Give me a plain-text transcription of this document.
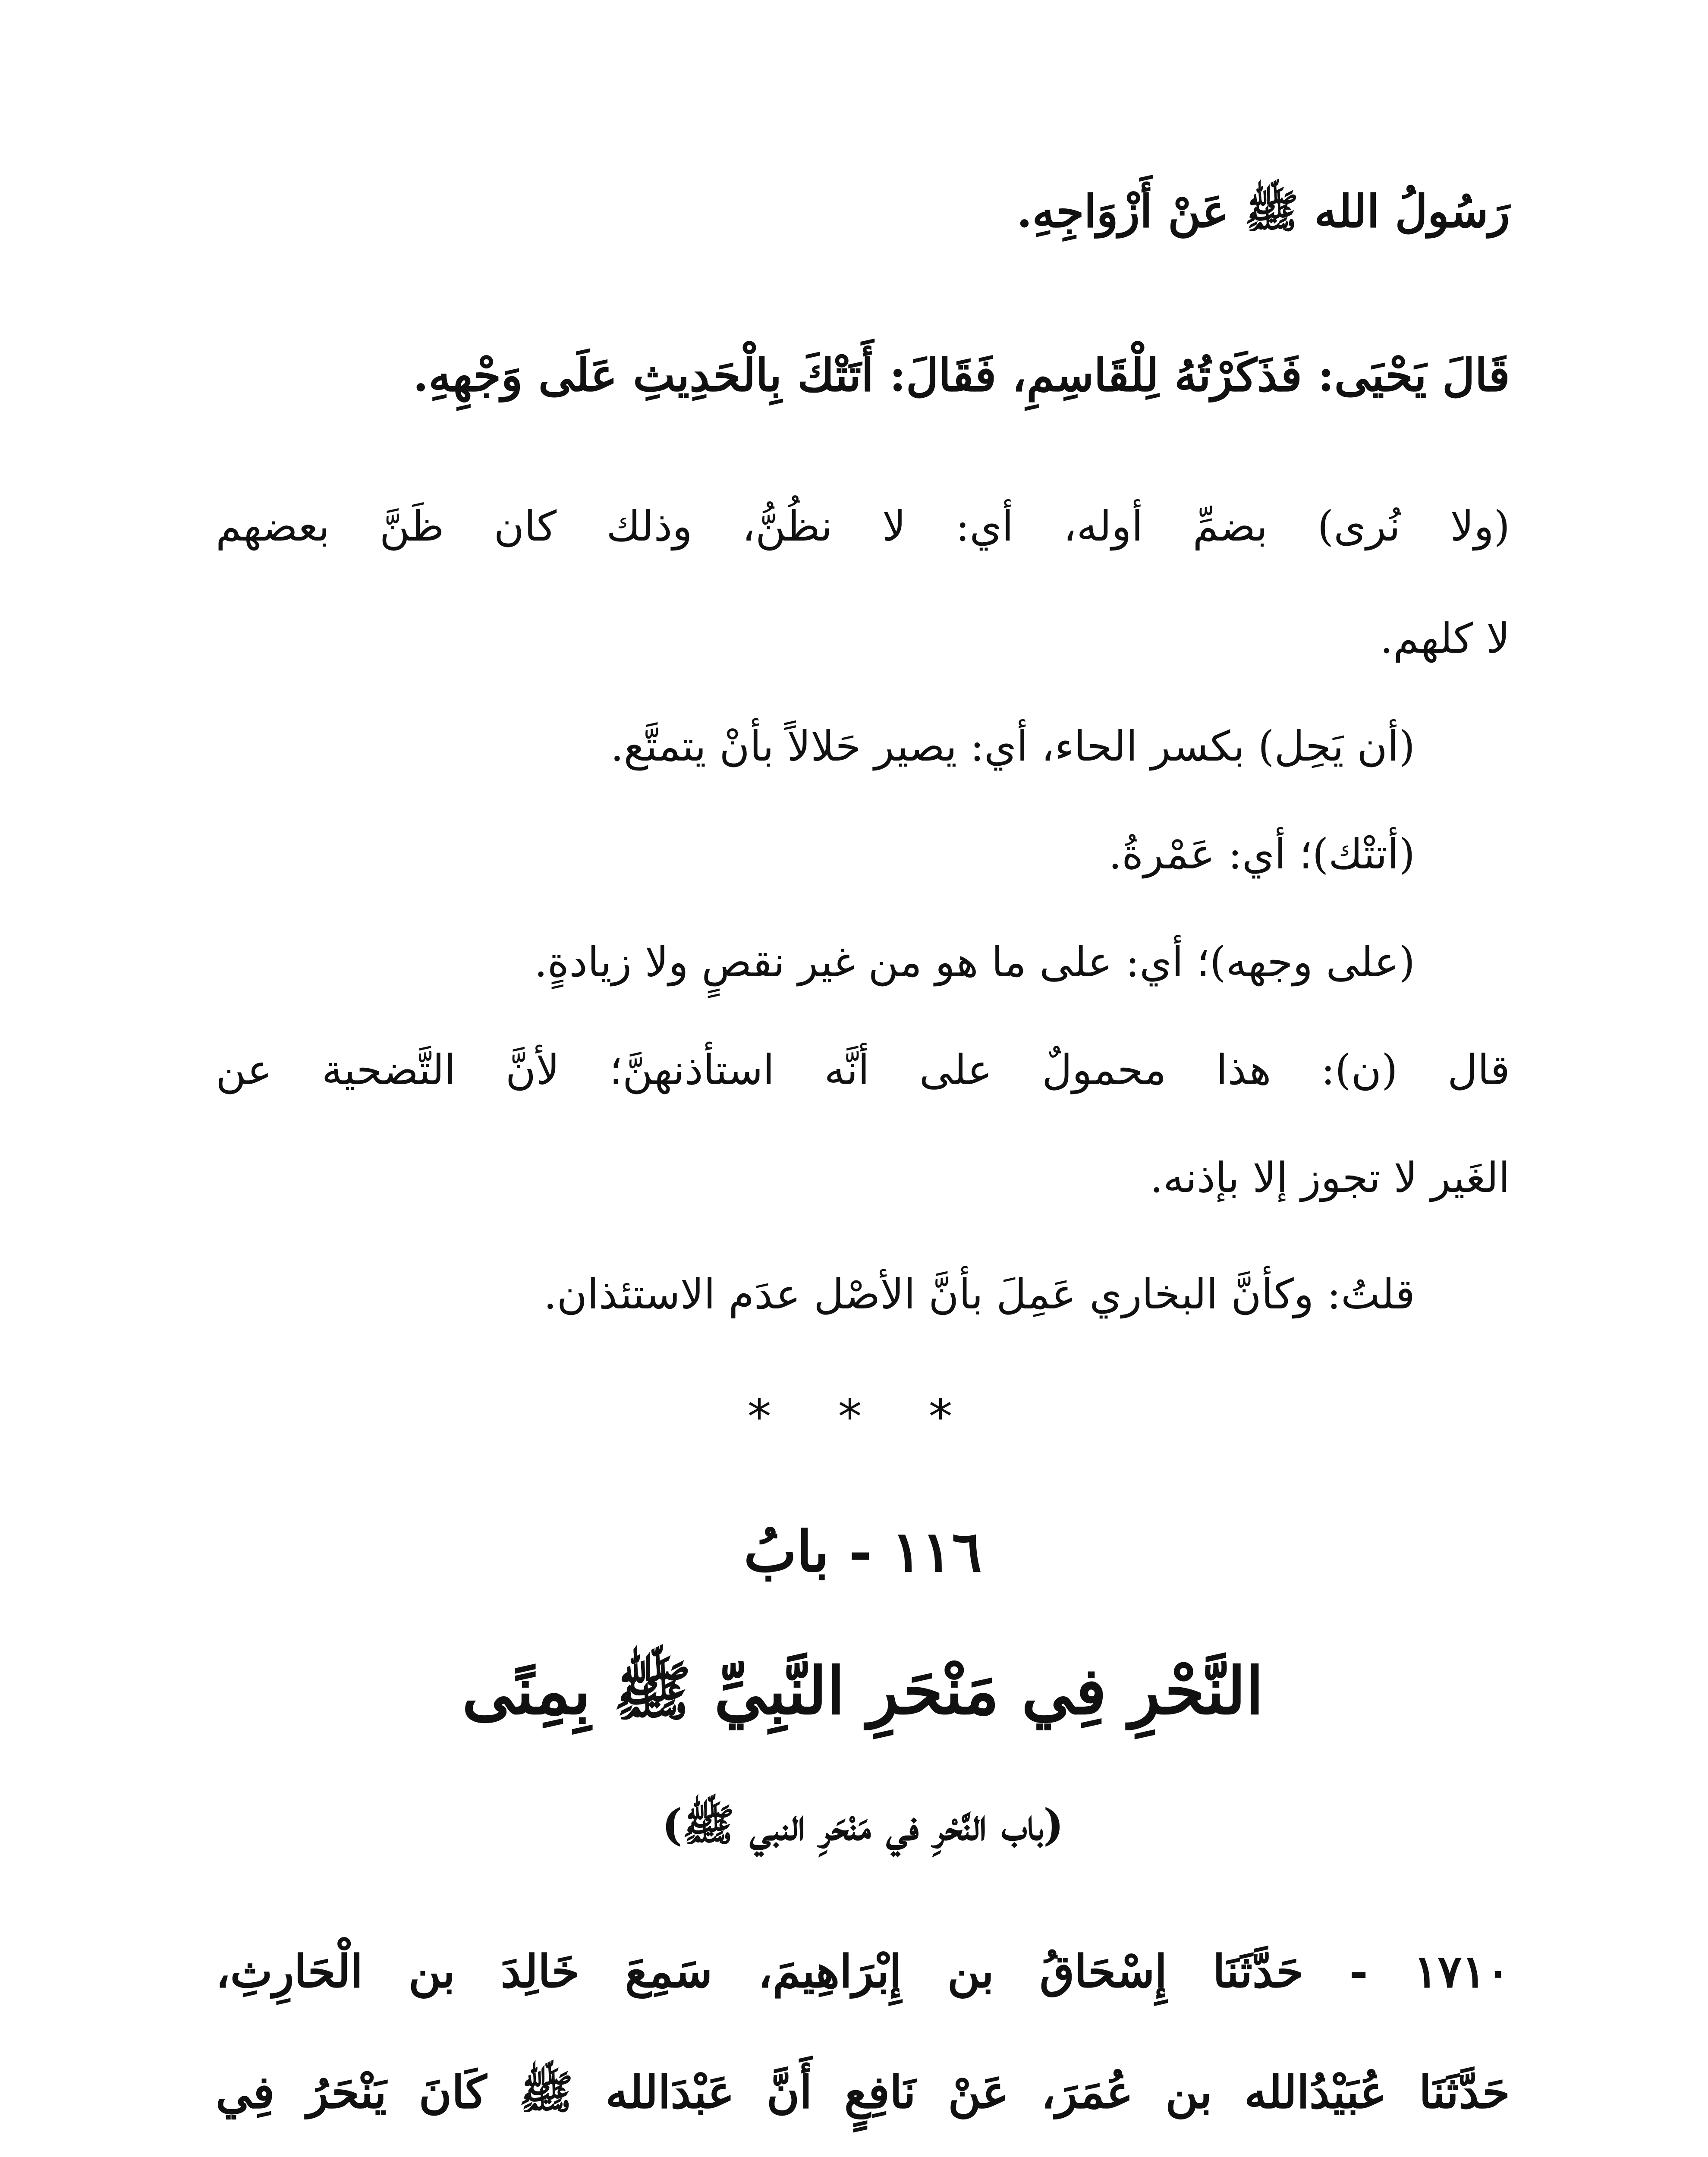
رَسُولُ الله ﷺ عَنْ أَزْوَاجِهِ.
قَالَ يَحْيَى: فَذَكَرْتُهُ لِلْقَاسِمِ، فَقَالَ: أَتَتْكَ بِالْحَدِيثِ عَلَى وَجْهِهِ.
(ولا نُرى) بضمِّ أوله، أي: لا نظُنُّ، وذلك كان ظَنَّ بعضهم
لا كلهم.
(أن يَحِل) بكسر الحاء، أي: يصير حَلالاً بأنْ يتمتَّع.
(أتتْك)؛ أي: عَمْرةُ.
(على وجهه)؛ أي: على ما هو من غير نقصٍ ولا زيادةٍ.
قال (ن): هذا محمولٌ على أنَّه استأذنهنَّ؛ لأنَّ التَّضحية عن
الغَير لا تجوز إلا بإذنه.
قلتُ: وكأنَّ البخاري عَمِلَ بأنَّ الأصْل عدَم الاستئذان.
* * *
١١٦ - بابُ
النَّحْرِ فِي مَنْحَرِ النَّبِيِّ ﷺ بِمِنًى
(باب النَّحْرِ في مَنْحَرِ النبي ﷺ)
١٧١٠ - حَدَّثَنَا إِسْحَاقُ بن إِبْرَاهِيمَ، سَمِعَ خَالِدَ بن الْحَارِثِ،
حَدَّثَنَا عُبَيْدُالله بن عُمَرَ، عَنْ نَافِعٍ أَنَّ عَبْدَالله ﷺ كَانَ يَنْحَرُ فِي
